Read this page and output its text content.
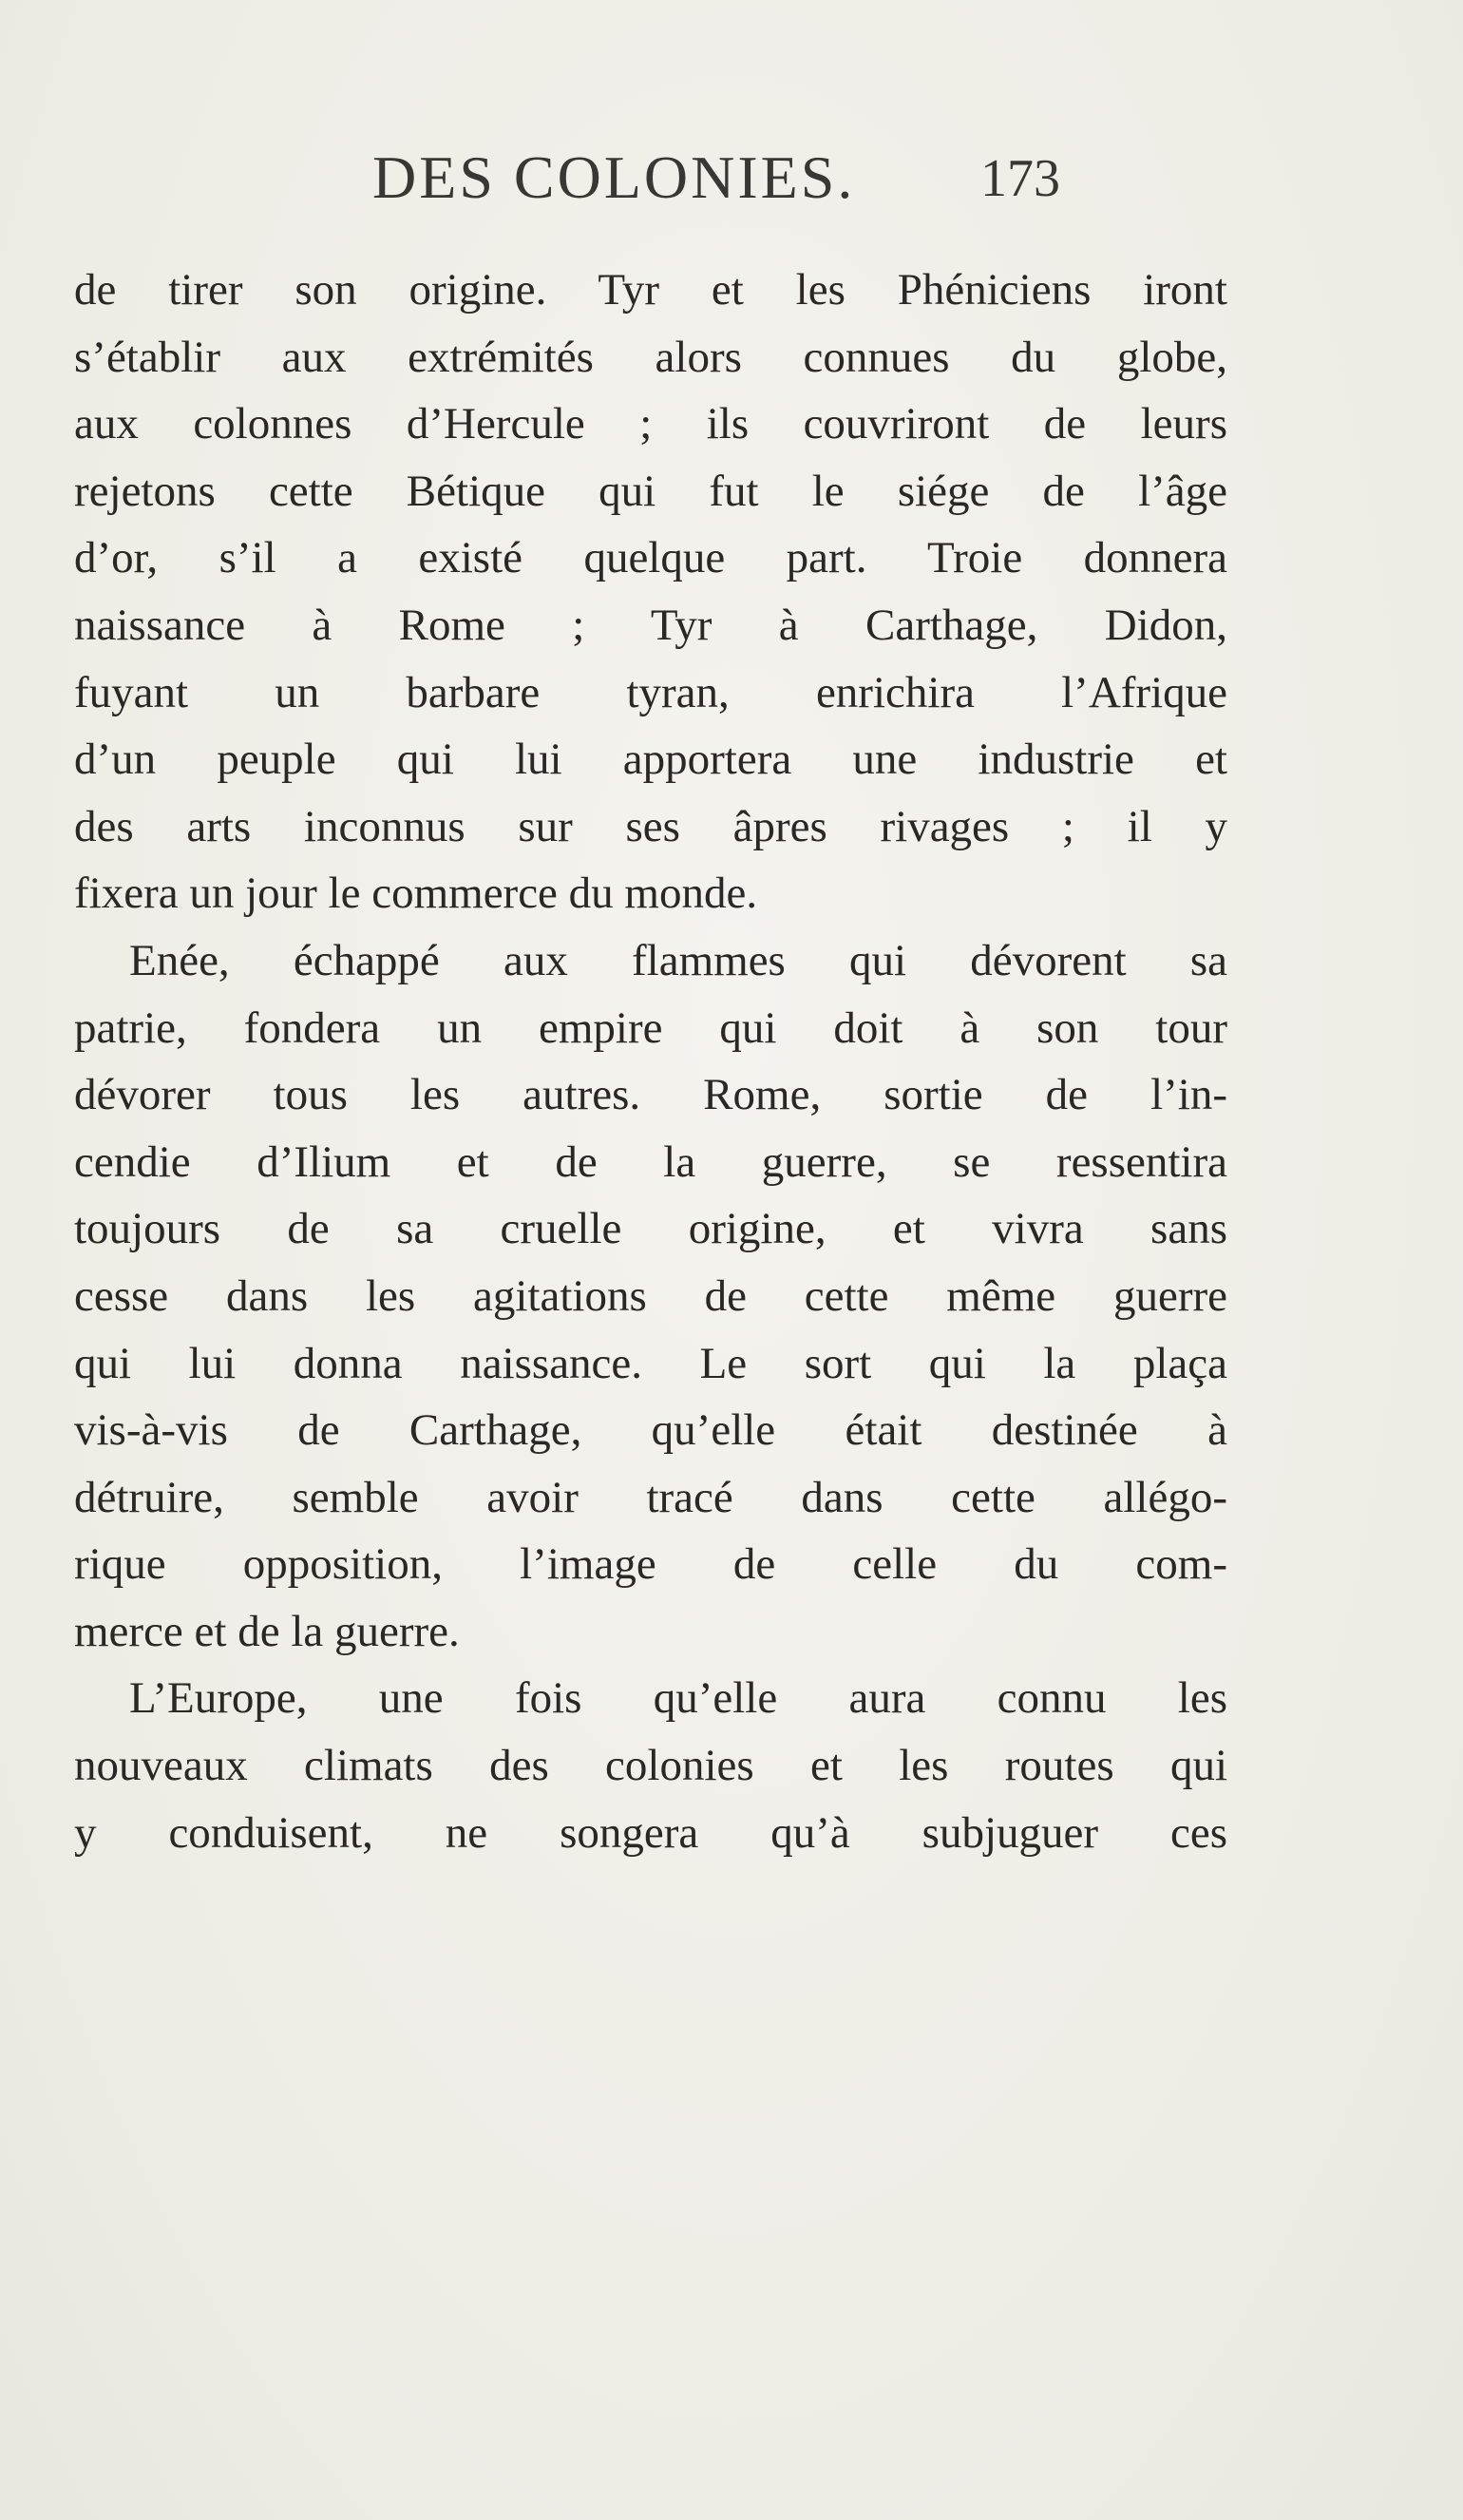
DES COLONIES. 173
de tirer son origine. Tyr et les Phéniciens iront
s’établir aux extrémités alors connues du globe,
aux colonnes d’Hercule ; ils couvriront de leurs
rejetons cette Bétique qui fut le siége de l’âge
d’or, s’il a existé quelque part. Troie donnera
naissance à Rome ; Tyr à Carthage, Didon,
fuyant un barbare tyran, enrichira l’Afrique
d’un peuple qui lui apportera une industrie et
des arts inconnus sur ses âpres rivages ; il y
fixera un jour le commerce du monde.
Enée, échappé aux flammes qui dévorent sa
patrie, fondera un empire qui doit à son tour
dévorer tous les autres. Rome, sortie de l’in-
cendie d’Ilium et de la guerre, se ressentira
toujours de sa cruelle origine, et vivra sans
cesse dans les agitations de cette même guerre
qui lui donna naissance. Le sort qui la plaça
vis-à-vis de Carthage, qu’elle était destinée à
détruire, semble avoir tracé dans cette allégo-
rique opposition, l’image de celle du com-
merce et de la guerre.
L’Europe, une fois qu’elle aura connu les
nouveaux climats des colonies et les routes qui
y conduisent, ne songera qu’à subjuguer ces
